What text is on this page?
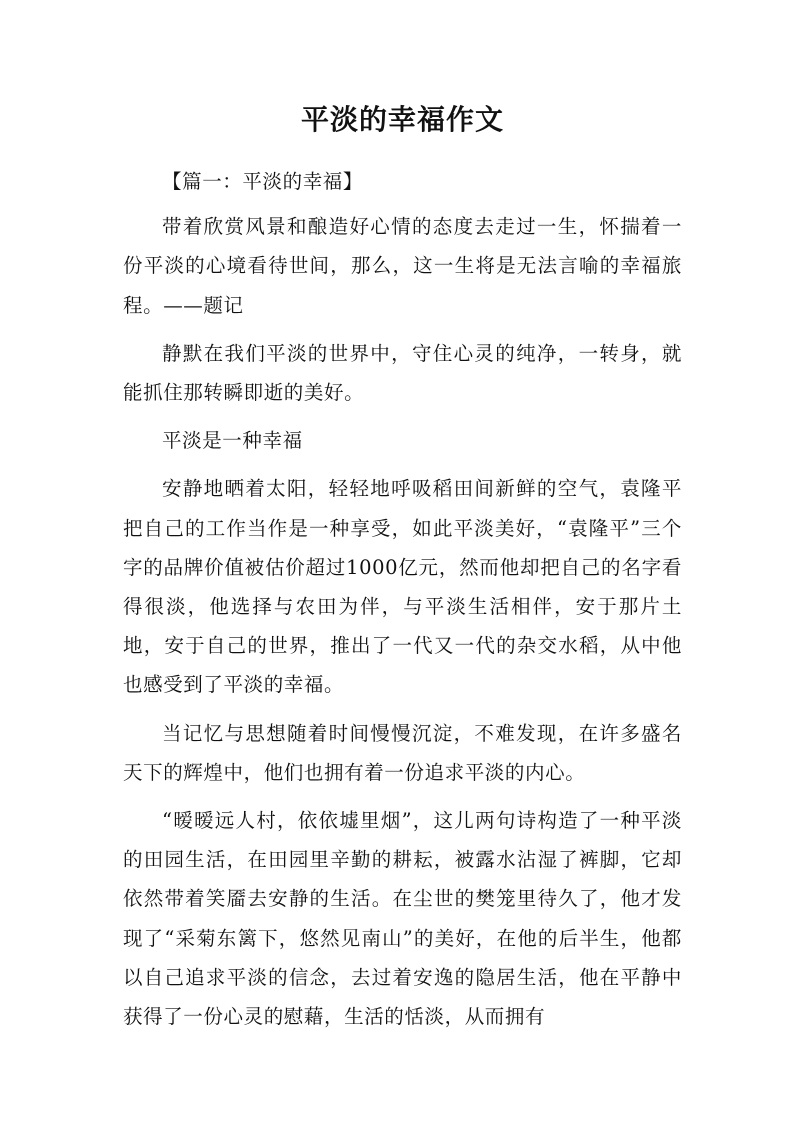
平淡的幸福作文

【篇一：平淡的幸福】

带着欣赏风景和酿造好心情的态度去走过一生，怀揣着一份平淡的心境看待世间，那么，这一生将是无法言喻的幸福旅程。——题记

静默在我们平淡的世界中，守住心灵的纯净，一转身，就能抓住那转瞬即逝的美好。

平淡是一种幸福

安静地晒着太阳，轻轻地呼吸稻田间新鲜的空气，袁隆平把自己的工作当作是一种享受，如此平淡美好，“袁隆平”三个字的品牌价值被估价超过1000亿元，然而他却把自己的名字看得很淡，他选择与农田为伴，与平淡生活相伴，安于那片土地，安于自己的世界，推出了一代又一代的杂交水稻，从中他也感受到了平淡的幸福。

当记忆与思想随着时间慢慢沉淀，不难发现，在许多盛名天下的辉煌中，他们也拥有着一份追求平淡的内心。

“暧暧远人村，依依墟里烟”，这儿两句诗构造了一种平淡的田园生活，在田园里辛勤的耕耘，被露水沾湿了裤脚，它却依然带着笑靥去安静的生活。在尘世的樊笼里待久了，他才发现了“采菊东篱下，悠然见南山”的美好，在他的后半生，他都以自己追求平淡的信念，去过着安逸的隐居生活，他在平静中获得了一份心灵的慰藉，生活的恬淡，从而拥有
